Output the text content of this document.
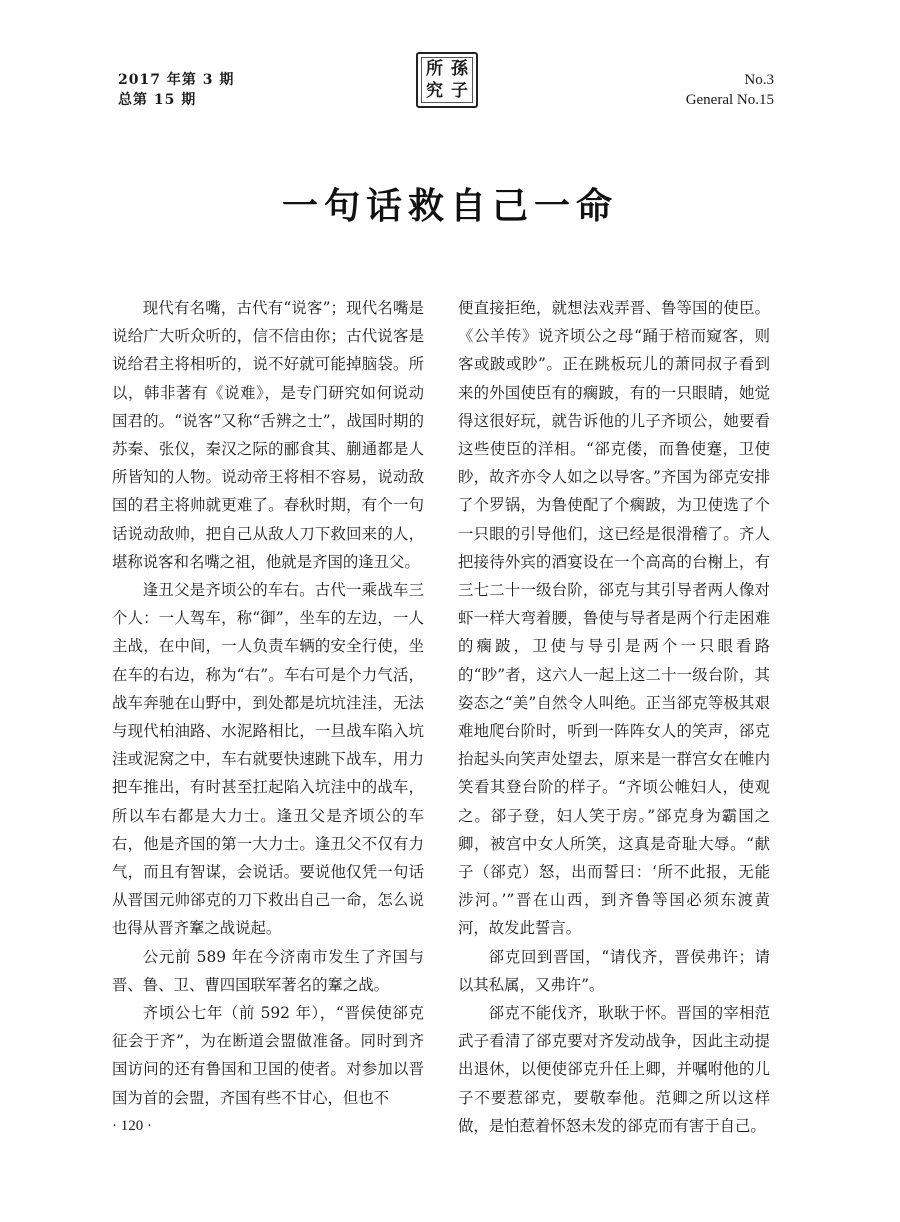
2017 年第 3 期
总第 15 期
所 孫
究 子
No.3
General No.15
一句话救自己一命

现代有名嘴，古代有“说客”；现代名嘴是说给广大听众听的，信不信由你；古代说客是说给君主将相听的，说不好就可能掉脑袋。所以，韩非著有《说难》，是专门研究如何说动国君的。“说客”又称“舌辨之士”，战国时期的苏秦、张仪，秦汉之际的郦食其、蒯通都是人所皆知的人物。说动帝王将相不容易，说动敌国的君主将帅就更难了。春秋时期，有个一句话说动敌帅，把自己从敌人刀下救回来的人，堪称说客和名嘴之祖，他就是齐国的逢丑父。

逢丑父是齐顷公的车右。古代一乘战车三个人：一人驾车，称“御”，坐车的左边，一人主战，在中间，一人负责车辆的安全行使，坐在车的右边，称为“右”。车右可是个力气活，战车奔驰在山野中，到处都是坑坑洼洼，无法与现代柏油路、水泥路相比，一旦战车陷入坑洼或泥窝之中，车右就要快速跳下战车，用力把车推出，有时甚至扛起陷入坑洼中的战车，所以车右都是大力士。逢丑父是齐顷公的车右，他是齐国的第一大力士。逢丑父不仅有力气，而且有智谋，会说话。要说他仅凭一句话从晋国元帅郤克的刀下救出自己一命，怎么说也得从晋齐鞌之战说起。

公元前 589 年在今济南市发生了齐国与晋、鲁、卫、曹四国联军著名的鞌之战。

齐顷公七年（前 592 年），“晋侯使郤克征会于齐”，为在断道会盟做准备。同时到齐国访问的还有鲁国和卫国的使者。对参加以晋国为首的会盟，齐国有些不甘心，但也不

便直接拒绝，就想法戏弄晋、鲁等国的使臣。《公羊传》说齐顷公之母“踊于棓而窥客，则客或跛或眇”。正在跳板玩儿的萧同叔子看到来的外国使臣有的瘸跛，有的一只眼睛，她觉得这很好玩，就告诉他的儿子齐顷公，她要看这些使臣的洋相。“郤克偻，而鲁使蹇，卫使眇，故齐亦令人如之以导客。”齐国为郤克安排了个罗锅，为鲁使配了个瘸跛，为卫使选了个一只眼的引导他们，这已经是很滑稽了。齐人把接待外宾的酒宴设在一个高高的台榭上，有三七二十一级台阶，郤克与其引导者两人像对虾一样大弯着腰，鲁使与导者是两个行走困难的瘸跛，卫使与导引是两个一只眼看路的“眇”者，这六人一起上这二十一级台阶，其姿态之“美”自然令人叫绝。正当郤克等极其艰难地爬台阶时，听到一阵阵女人的笑声，郤克抬起头向笑声处望去，原来是一群宫女在帷内笑看其登台阶的样子。“齐顷公帷妇人，使观之。郤子登，妇人笑于房。”郤克身为霸国之卿，被宫中女人所笑，这真是奇耻大辱。“献子（郤克）怒，出而誓曰：‘所不此报，无能涉河。’”晋在山西，到齐鲁等国必须东渡黄河，故发此誓言。

郤克回到晋国，“请伐齐，晋侯弗许；请以其私属，又弗许”。

郤克不能伐齐，耿耿于怀。晋国的宰相范武子看清了郤克要对齐发动战争，因此主动提出退休，以便使郤克升任上卿，并嘱咐他的儿子不要惹郤克，要敬奉他。范卿之所以这样做，是怕惹着怀怒未发的郤克而有害于自己。

· 120 ·
